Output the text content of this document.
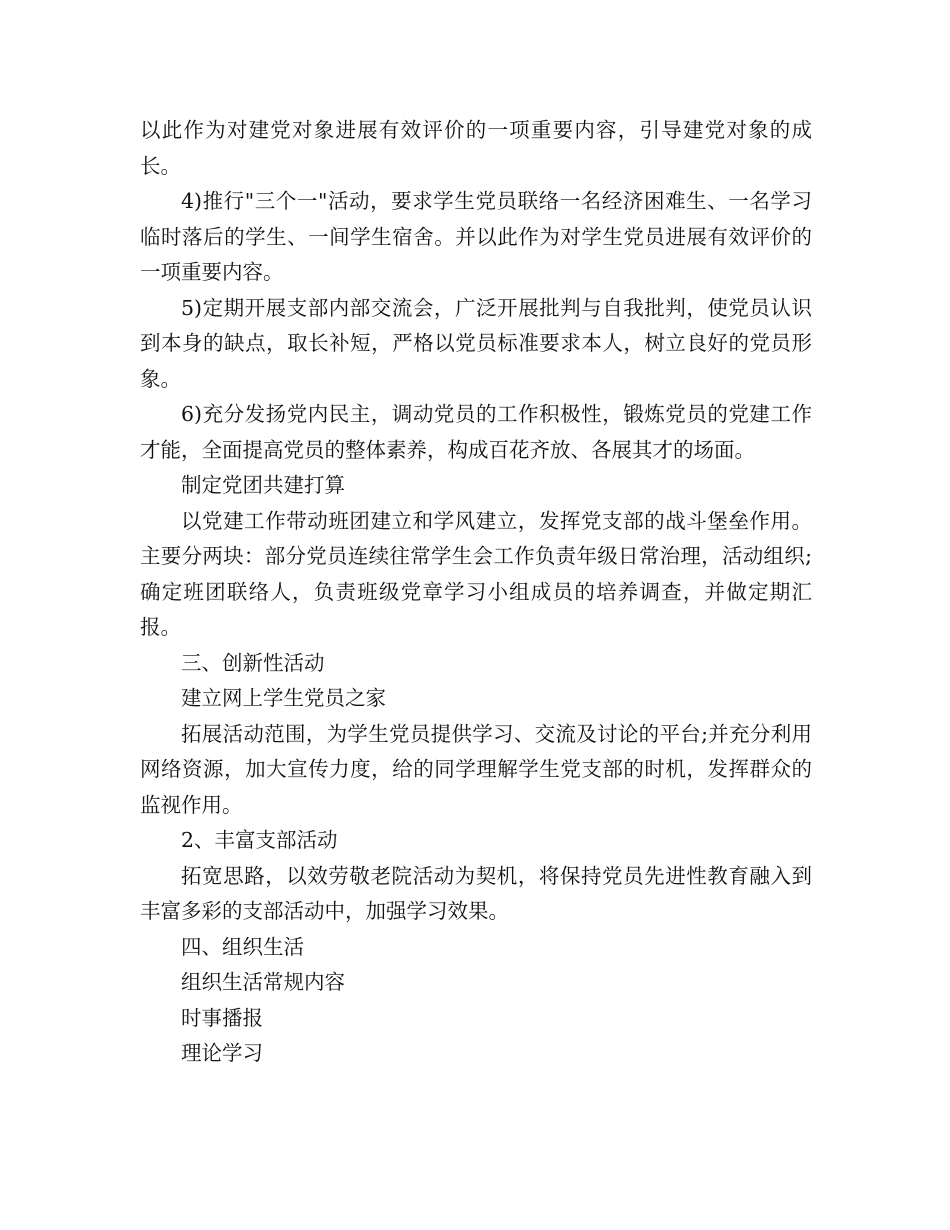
以此作为对建党对象进展有效评价的一项重要内容，引导建党对象的成长。

4)推行"三个一"活动，要求学生党员联络一名经济困难生、一名学习临时落后的学生、一间学生宿舍。并以此作为对学生党员进展有效评价的一项重要内容。

5)定期开展支部内部交流会，广泛开展批判与自我批判，使党员认识到本身的缺点，取长补短，严格以党员标准要求本人，树立良好的党员形象。

6)充分发扬党内民主，调动党员的工作积极性，锻炼党员的党建工作才能，全面提高党员的整体素养，构成百花齐放、各展其才的场面。

制定党团共建打算

以党建工作带动班团建立和学风建立，发挥党支部的战斗堡垒作用。主要分两块：部分党员连续往常学生会工作负责年级日常治理，活动组织;确定班团联络人，负责班级党章学习小组成员的培养调查，并做定期汇报。

三、创新性活动

建立网上学生党员之家

拓展活动范围，为学生党员提供学习、交流及讨论的平台;并充分利用网络资源，加大宣传力度，给的同学理解学生党支部的时机，发挥群众的监视作用。

2、丰富支部活动

拓宽思路，以效劳敬老院活动为契机，将保持党员先进性教育融入到丰富多彩的支部活动中，加强学习效果。

四、组织生活

组织生活常规内容

时事播报

理论学习
